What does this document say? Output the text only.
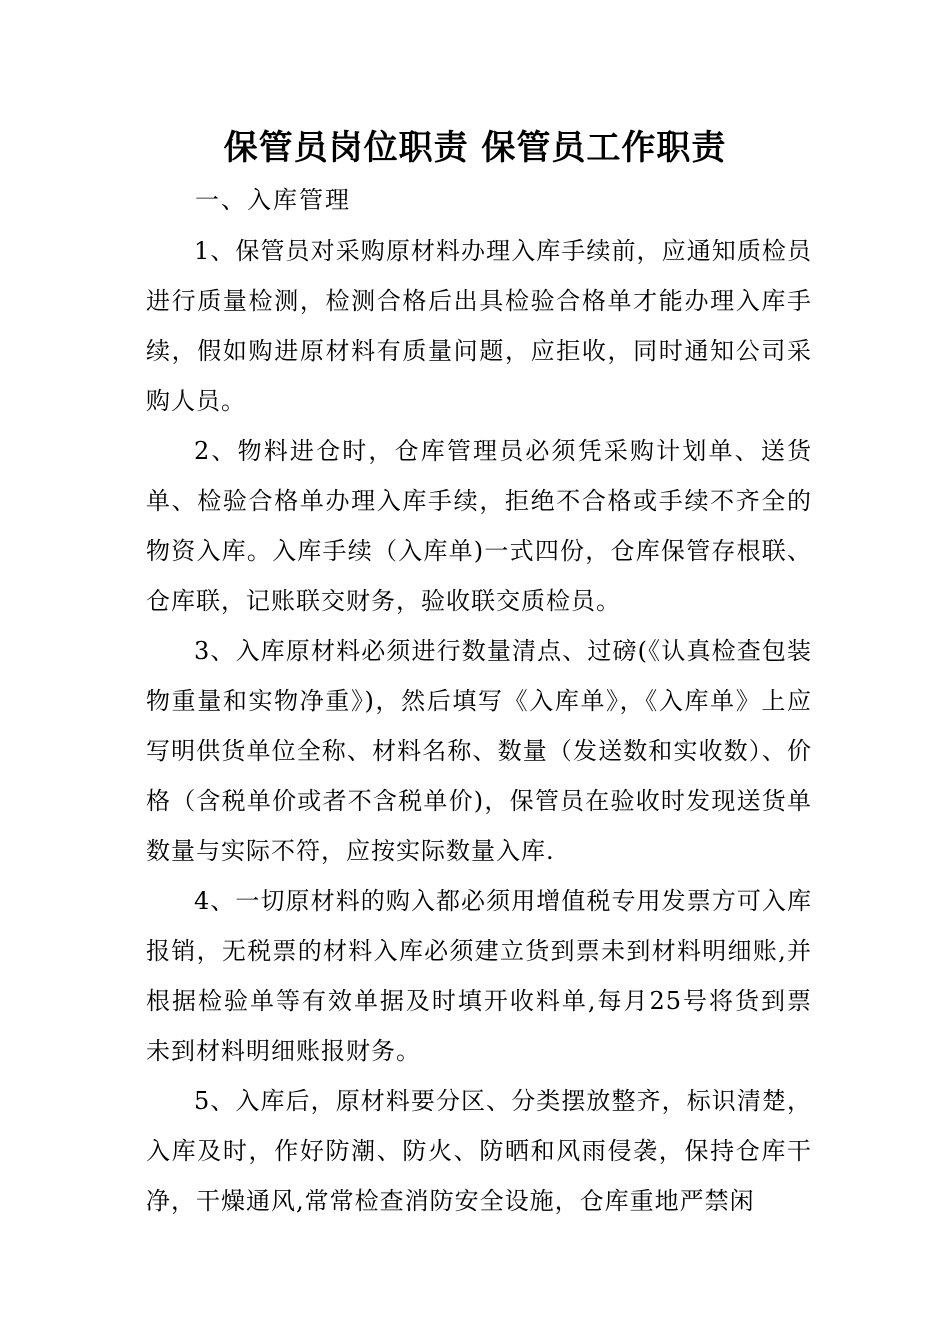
保管员岗位职责 保管员工作职责

一、入库管理

1、保管员对采购原材料办理入库手续前，应通知质检员进行质量检测，检测合格后出具检验合格单才能办理入库手续，假如购进原材料有质量问题，应拒收，同时通知公司采购人员。

2、物料进仓时，仓库管理员必须凭采购计划单、送货单、检验合格单办理入库手续，拒绝不合格或手续不齐全的物资入库。入库手续（入库单)一式四份，仓库保管存根联、仓库联，记账联交财务，验收联交质检员。

3、入库原材料必须进行数量清点、过磅(《认真检查包装物重量和实物净重》)，然后填写《入库单》，《入库单》上应写明供货单位全称、材料名称、数量（发送数和实收数）、价格（含税单价或者不含税单价)，保管员在验收时发现送货单数量与实际不符，应按实际数量入库.

4、一切原材料的购入都必须用增值税专用发票方可入库报销，无税票的材料入库必须建立货到票未到材料明细账,并根据检验单等有效单据及时填开收料单,每月25号将货到票未到材料明细账报财务。

5、入库后，原材料要分区、分类摆放整齐，标识清楚，入库及时，作好防潮、防火、防晒和风雨侵袭，保持仓库干净，干燥通风,常常检查消防安全设施，仓库重地严禁闲
